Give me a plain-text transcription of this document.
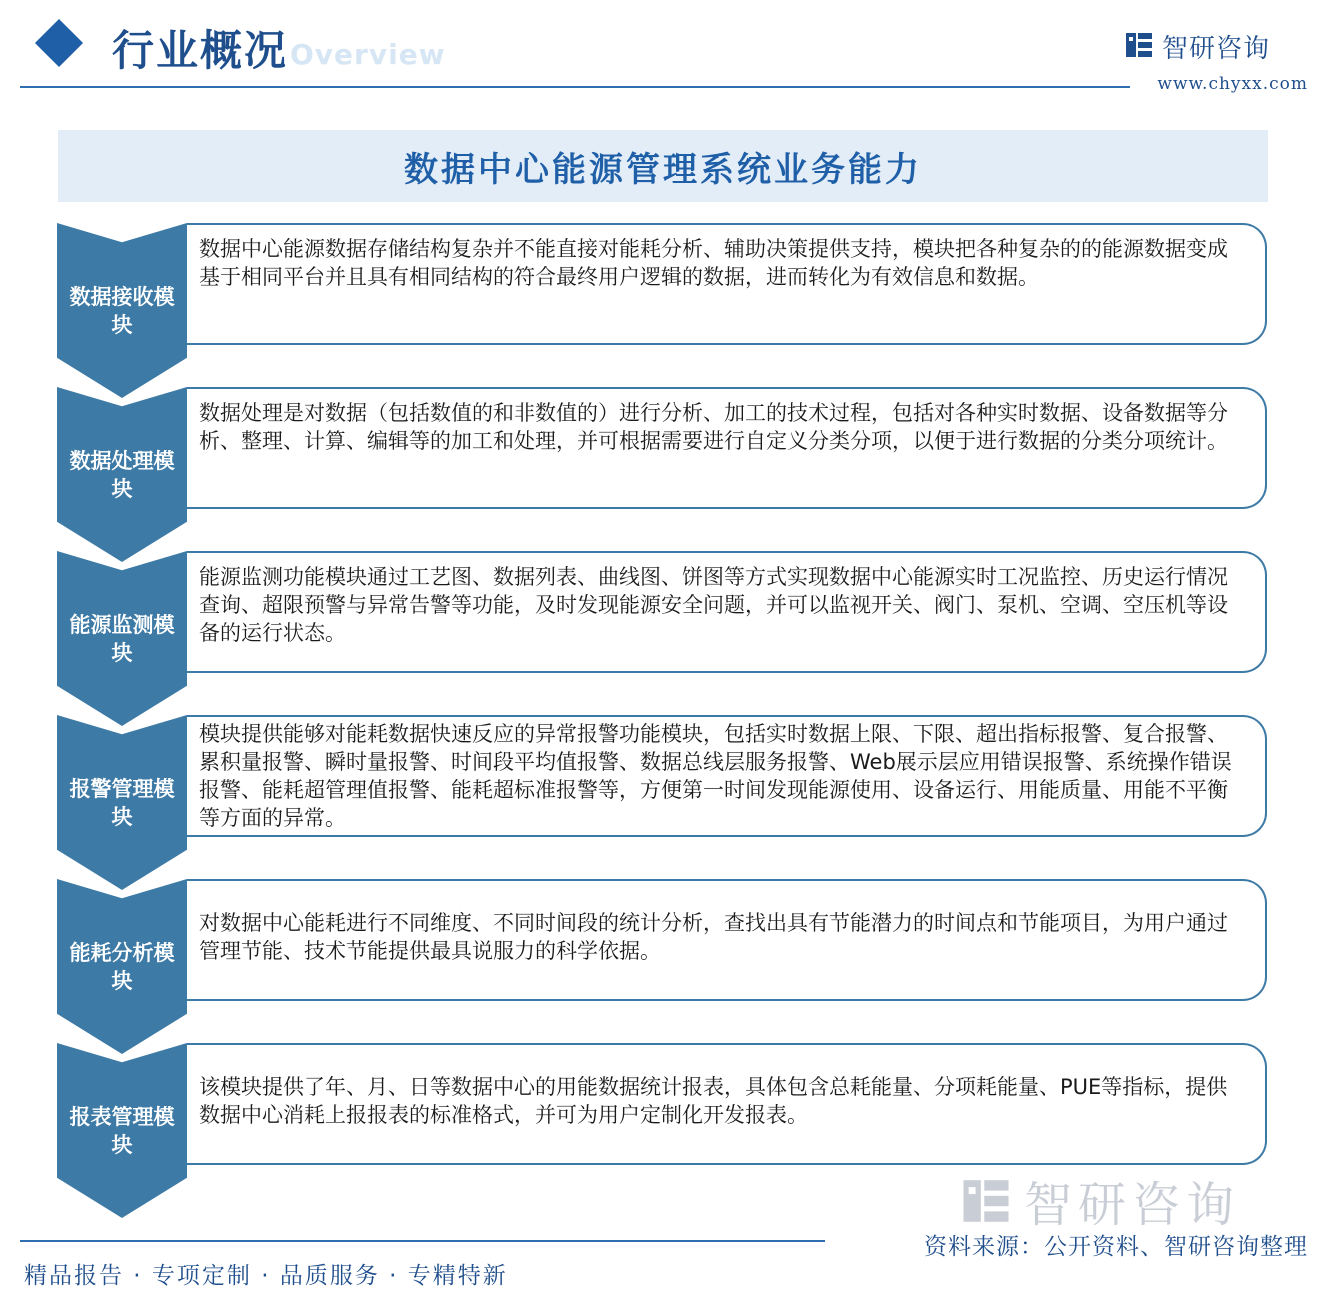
Overview
行业概况	智研咨询
www.chyxx.com
数据中心能源管理系统业务能力
数据接收模块
数据中心能源数据存储结构复杂并不能直接对能耗分析、辅助决策提供支持，模块把各种复杂的的能源数据变成基于相同平台并且具有相同结构的符合最终用户逻辑的数据，进而转化为有效信息和数据。
数据处理模块
数据处理是对数据（包括数值的和非数值的）进行分析、加工的技术过程，包括对各种实时数据、设备数据等分析、整理、计算、编辑等的加工和处理，并可根据需要进行自定义分类分项，以便于进行数据的分类分项统计。
能源监测模块
能源监测功能模块通过工艺图、数据列表、曲线图、饼图等方式实现数据中心能源实时工况监控、历史运行情况查询、超限预警与异常告警等功能，及时发现能源安全问题，并可以监视开关、阀门、泵机、空调、空压机等设备的运行状态。
报警管理模块
模块提供能够对能耗数据快速反应的异常报警功能模块，包括实时数据上限、下限、超出指标报警、复合报警、累积量报警、瞬时量报警、时间段平均值报警、数据总线层服务报警、Web展示层应用错误报警、系统操作错误报警、能耗超管理值报警、能耗超标准报警等，方便第一时间发现能源使用、设备运行、用能质量、用能不平衡等方面的异常。
能耗分析模块
对数据中心能耗进行不同维度、不同时间段的统计分析，查找出具有节能潜力的时间点和节能项目，为用户通过管理节能、技术节能提供最具说服力的科学依据。
报表管理模块
该模块提供了年、月、日等数据中心的用能数据统计报表，具体包含总耗能量、分项耗能量、PUE等指标，提供数据中心消耗上报报表的标准格式，并可为用户定制化开发报表。
智研咨询
精品报告 · 专项定制 · 品质服务 · 专精特新
资料来源：公开资料、智研咨询整理
